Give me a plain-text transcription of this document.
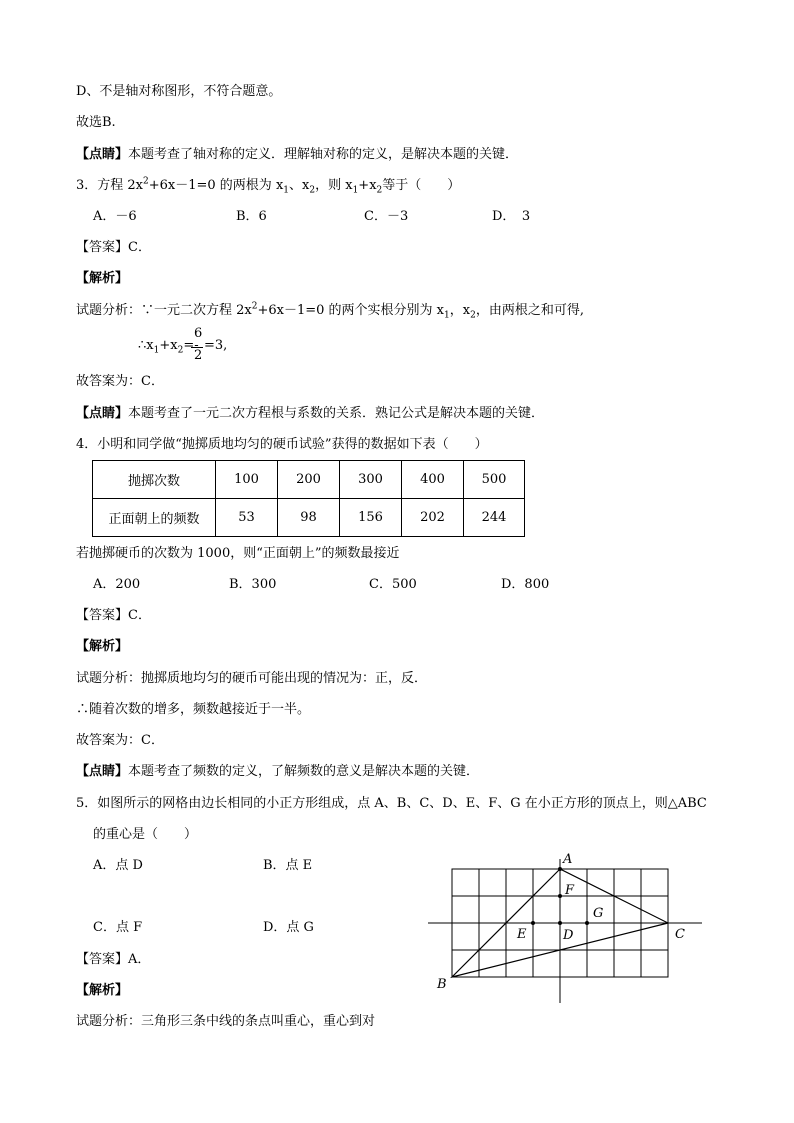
D、不是轴对称图形，不符合题意。
故选B.
【点睛】本题考查了轴对称的定义．理解轴对称的定义，是解决本题的关键．
3．方程 $2x^2+6x-1=0$ 的两根为 $x_1$、$x_2$，则 $x_1+x_2$等于（　　）
A．－6	B．6	C．－3	D．　3
【答案】C．
【解析】
试题分析：∵一元二次方程 $2x^2+6x-1=0$ 的两个实根分别为 $x_1$，$x_2$，由两根之和可得,
$\therefore x_1+x_2=-$
6
2
=3,
故答案为：C．
【点睛】本题考查了一元二次方程根与系数的关系．熟记公式是解决本题的关键．
4．小明和同学做“抛掷质地均匀的硬币试验”获得的数据如下表（　　）
抛掷次数	100	200	300	400	500
正面朝上的频数	53	98	156	202	244
若抛掷硬币的次数为 1000，则“正面朝上”的频数最接近
A．200	B．300	C．500	D．800
【答案】C．
【解析】
试题分析：抛掷质地均匀的硬币可能出现的情况为：正，反．
∴随着次数的增多，频数越接近于一半。
故答案为：C．
【点睛】本题考查了频数的定义，了解频数的意义是解决本题的关键．
5．如图所示的网格由边长相同的小正方形组成，点 A、B、C、D、E、F、G 在小正方形的顶点上，则△ABC
的重心是（　　）
A．点 D	B．点 E
C．点 F	D．点 G
【答案】A．
【解析】
试题分析：三角形三条中线的条点叫重心，重心到对
A
B
C
D
E
F
G
